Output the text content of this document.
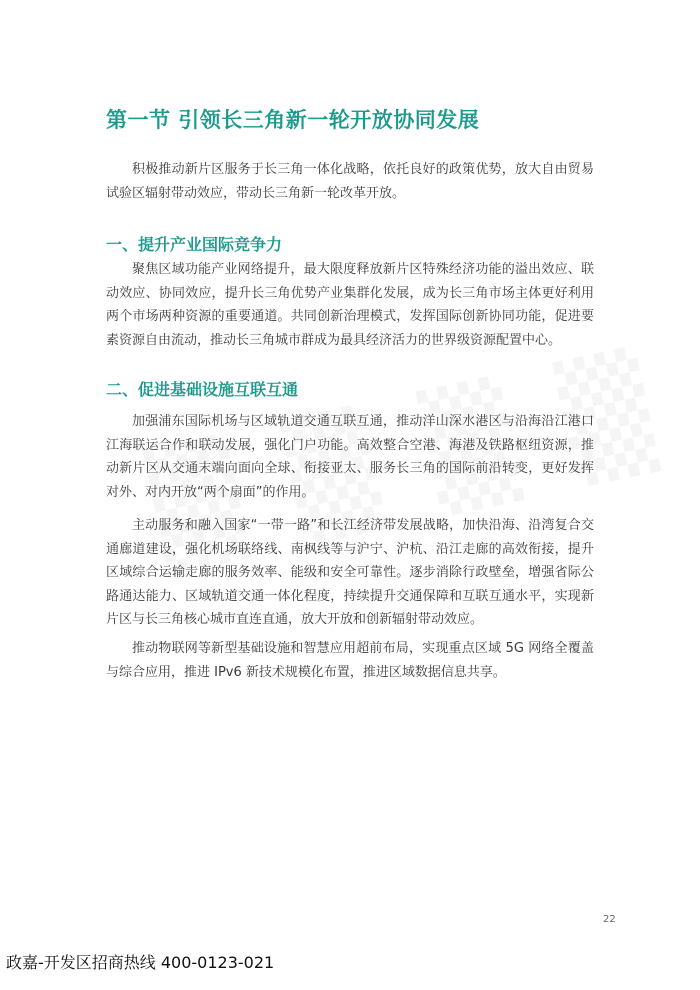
第一节 引领长三角新一轮开放协同发展

积极推动新片区服务于长三角一体化战略，依托良好的政策优势，放大自由贸易试验区辐射带动效应，带动长三角新一轮改革开放。

一、提升产业国际竞争力

聚焦区域功能产业网络提升，最大限度释放新片区特殊经济功能的溢出效应、联动效应、协同效应，提升长三角优势产业集群化发展，成为长三角市场主体更好利用两个市场两种资源的重要通道。共同创新治理模式，发挥国际创新协同功能，促进要素资源自由流动，推动长三角城市群成为最具经济活力的世界级资源配置中心。

二、促进基础设施互联互通

加强浦东国际机场与区域轨道交通互联互通，推动洋山深水港区与沿海沿江港口江海联运合作和联动发展，强化门户功能。高效整合空港、海港及铁路枢纽资源，推动新片区从交通末端向面向全球、衔接亚太、服务长三角的国际前沿转变，更好发挥对外、对内开放“两个扇面”的作用。

主动服务和融入国家“一带一路”和长江经济带发展战略，加快沿海、沿湾复合交通廊道建设，强化机场联络线、南枫线等与沪宁、沪杭、沿江走廊的高效衔接，提升区域综合运输走廊的服务效率、能级和安全可靠性。逐步消除行政壁垒，增强省际公路通达能力、区域轨道交通一体化程度，持续提升交通保障和互联互通水平，实现新片区与长三角核心城市直连直通，放大开放和创新辐射带动效应。

推动物联网等新型基础设施和智慧应用超前布局，实现重点区域 5G 网络全覆盖与综合应用，推进 IPv6 新技术规模化布置，推进区域数据信息共享。

22
政嘉-开发区招商热线 400-0123-021
